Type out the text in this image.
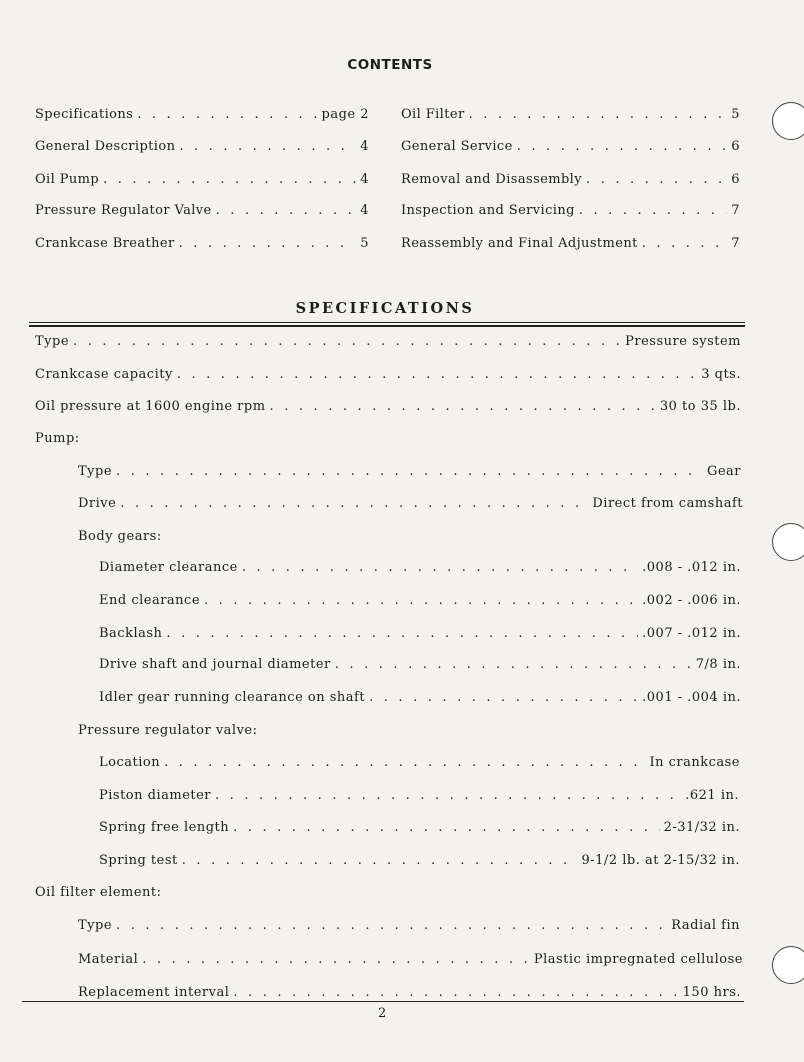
CONTENTS
Specifications . . .	page 2
General Description . . .	4
Oil Pump . . .	4
Pressure Regulator Valve . . .	4
Crankcase Breather . . .	5
Oil Filter . . .	5
General Service . . .	6
Removal and Disassembly . . .	6
Inspection and Servicing . . .	7
Reassembly and Final Adjustment . . .	7
SPECIFICATIONS
Type . . .	Pressure system
Crankcase capacity . . .	3 qts.
Oil pressure at 1600 engine rpm . . .	30 to 35 lb.
Pump:
Type . . .	Gear
Drive . . .	Direct from camshaft
Body gears:
Diameter clearance . . .	.008 - .012 in.
End clearance . . .	.002 - .006 in.
Backlash . . .	.007 - .012 in.
Drive shaft and journal diameter . . .	7/8 in.
Idler gear running clearance on shaft . . .	.001 - .004 in.
Pressure regulator valve:
Location . . .	In crankcase
Piston diameter . . .	.621 in.
Spring free length . . .	2-31/32 in.
Spring test . . .	9-1/2 lb. at 2-15/32 in.
Oil filter element:
Type . . .	Radial fin
Material . . .	Plastic impregnated cellulose
Replacement interval . . .	150 hrs.
2
